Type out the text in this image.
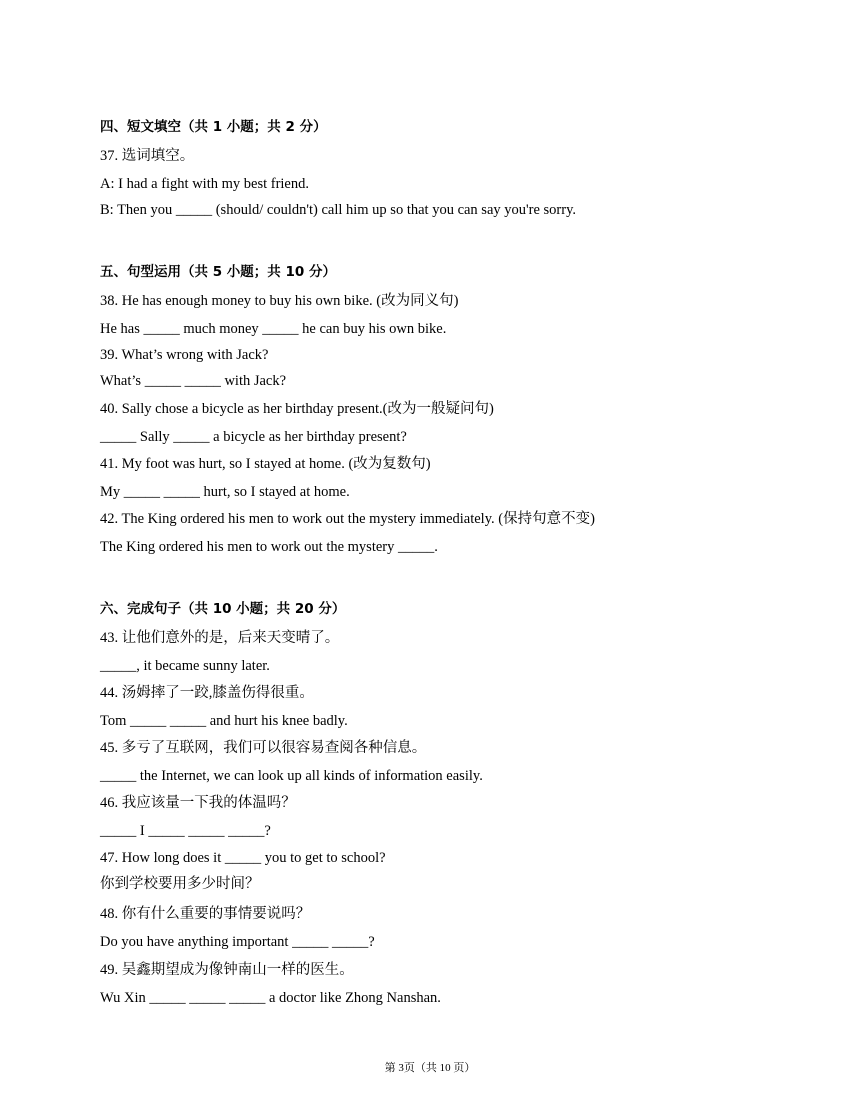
四、短文填空（共 1 小题；共 2 分）
37. 选词填空。
A: I had a fight with my best friend.
B: Then you _____ (should/ couldn't) call him up so that you can say you're sorry.
五、句型运用（共 5 小题；共 10 分）
38. He has enough money to buy his own bike. (改为同义句)
He has _____ much money _____ he can buy his own bike.
39. What’s wrong with Jack?
What’s _____ _____ with Jack?
40. Sally chose a bicycle as her birthday present.(改为一般疑问句)
_____ Sally _____ a bicycle as her birthday present?
41. My foot was hurt, so I stayed at home. (改为复数句)
My _____ _____ hurt, so I stayed at home.
42. The King ordered his men to work out the mystery immediately. (保持句意不变)
The King ordered his men to work out the mystery _____.
六、完成句子（共 10 小题；共 20 分）
43. 让他们意外的是，后来天变晴了。
_____, it became sunny later.
44. 汤姆摔了一跤,膝盖伤得很重。
Tom _____ _____ and hurt his knee badly.
45. 多亏了互联网，我们可以很容易查阅各种信息。
_____ the Internet, we can look up all kinds of information easily.
46. 我应该量一下我的体温吗？
_____ I _____ _____ _____?
47. How long does it _____ you to get to school?
你到学校要用多少时间？
48. 你有什么重要的事情要说吗？
Do you have anything important _____ _____?
49. 吴鑫期望成为像钟南山一样的医生。
Wu Xin _____ _____ _____ a doctor like Zhong Nanshan.
第 3页（共 10 页）
